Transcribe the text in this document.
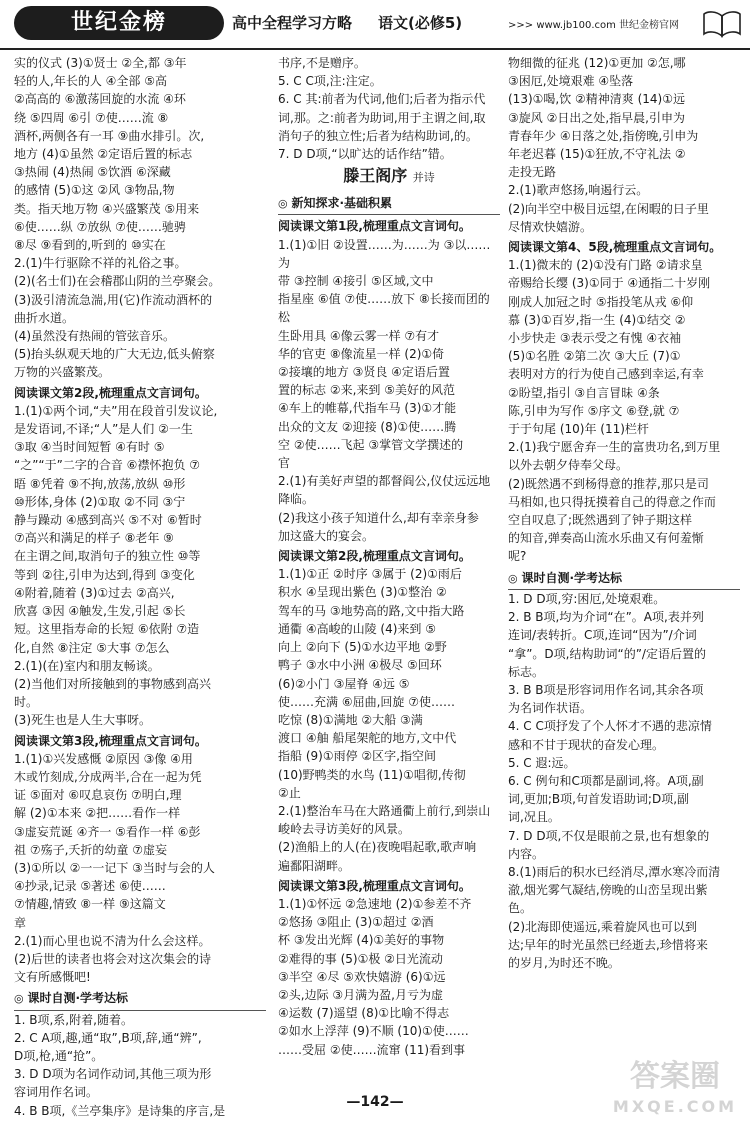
世纪金榜	高中全程学习方略 语文(必修5)	>>> www.jb100.com 世纪金榜官网

实的仪式 (3)①贤士 ②全,都 ③年

轻的人,年长的人 ④全部 ⑤高

②高高的 ⑥激荡回旋的水流 ④环

绕 ⑤四周 ⑥引 ⑦使……流 ⑧

酒杯,两侧各有一耳 ⑨曲水排引。次,

地方 (4)①虽然 ②定语后置的标志

③热闹 (4)热闹 ⑤饮酒 ⑥深藏

的感情 (5)①这 ②风 ③物品,物

类。指天地万物 ④兴盛繁茂 ⑤用来

⑥使……纵 ⑦放纵 ⑦使……驰骋

⑧尽 ⑨看到的,听到的 ⑩实在

2.(1)牛行驱除不祥的礼俗之事。

(2)(名士们)在会稽郡山阴的兰亭聚会。

(3)汲引清流急湍,用(它)作流动酒杯的

曲折水道。

(4)虽然没有热闹的管弦音乐。

(5)抬头纵观天地的广大无边,低头俯察

万物的兴盛繁茂。

阅读课文第2段,梳理重点文言词句。

1.(1)①两个词,“夫”用在段首引发议论,

是发语词,不译;“人”是人们 ②一生

③取 ④当时间短暂 ④有时 ⑤

“之”“于”二字的合音 ⑥襟怀抱负 ⑦

晤 ⑧凭着 ⑨不拘,放荡,放纵 ⑩形

⑩形体,身体 (2)①取 ②不同 ③宁

静与躁动 ④感到高兴 ⑤不对 ⑥暂时

⑦高兴和满足的样子 ⑧老年 ⑨

在主谓之间,取消句子的独立性 ⑩等

等到 ②往,引申为达到,得到 ③变化

④附着,随着 (3)①过去 ②高兴,

欣喜 ③因 ④触发,生发,引起 ⑤长

短。这里指寿命的长短 ⑥依附 ⑦造

化,自然 ⑧注定 ⑤大事 ⑦怎么

2.(1)(在)室内和朋友畅谈。

(2)当他们对所接触到的事物感到高兴

时。

(3)死生也是人生大事呀。

阅读课文第3段,梳理重点文言词句。

1.(1)①兴发感慨 ②原因 ③像 ④用

木或竹刻成,分成两半,合在一起为凭

证 ⑤面对 ⑥叹息哀伤 ⑦明白,理

解 (2)①本来 ②把……看作一样

③虚妄荒诞 ④齐一 ⑤看作一样 ⑥彭

祖 ⑦殇子,夭折的幼童 ⑦虚妄

(3)①所以 ②一一记下 ③当时与会的人

④抄录,记录 ⑤著述 ⑥使……

⑦情趣,情致 ⑧一样 ⑨这篇文

章

2.(1)而心里也说不清为什么会这样。

(2)后世的读者也将会对这次集会的诗

文有所感慨吧!

◎ 课时自测·学考达标

1. B项,系,附着,随着。

2. C A项,趣,通“取”,B项,辞,通“辨”,

D项,枪,通“抢”。

3. D D项为名词作动词,其他三项为形

容词用作名词。

4. B B项,《兰亭集序》是诗集的序言,是

书序,不是赠序。

5. C C项,注:注定。

6. C 其:前者为代词,他们;后者为指示代

词,那。之:前者为助词,用于主谓之间,取

消句子的独立性;后者为结构助词,的。

7. D D项,“以旷达的话作结”错。

滕王阁序 并诗

◎ 新知探求·基础积累

阅读课文第1段,梳理重点文言词句。

1.(1)①旧 ②设置……为……为 ③以……为

带 ③控制 ④接引 ⑤区域,文中

指星座 ⑥值 ⑦使……放下 ⑧长接而团的松

生卧用具 ④像云雾一样 ⑦有才

华的官吏 ⑧像流星一样 (2)①倚

②接壤的地方 ③贤良 ④定语后置

置的标志 ②来,来到 ⑤美好的风范

④车上的帷幕,代指车马 (3)①才能

出众的文友 ②迎接 (8)①使……腾

空 ②使……飞起 ③掌管文学撰述的

官

2.(1)有美好声望的都督阎公,仪仗远远地

降临。

(2)我这小孩子知道什么,却有幸亲身参

加这盛大的宴会。

阅读课文第2段,梳理重点文言词句。

1.(1)①正 ②时序 ③属于 (2)①雨后

积水 ④呈现出紫色 (3)①整治 ②

驾车的马 ③地势高的路,文中指大路

通衢 ④高峻的山陵 (4)来到 ⑤

向上 ②向下 (5)①水边平地 ②野

鸭子 ③水中小洲 ④极尽 ⑤回环

(6)②小门 ③屋脊 ④远 ⑤

使……充满 ⑥屈曲,回旋 ⑦使……

吃惊 (8)①满地 ②大船 ③满

渡口 ④舳 船尾架舵的地方,文中代

指船 (9)①雨停 ②区字,指空间

(10)野鸭类的水鸟 (11)①唱彻,传彻

②止

2.(1)整治车马在大路通衢上前行,到崇山

峻岭去寻访美好的风景。

(2)渔船上的人(在)夜晚唱起歌,歌声响

遍鄱阳湖畔。

阅读课文第3段,梳理重点文言词句。

1.(1)①怀远 ②急速地 (2)①参差不齐

②悠扬 ③阻止 (3)①超过 ②酒

杯 ③发出光辉 (4)①美好的事物

②难得的事 (5)①极 ②日光流动

③半空 ④尽 ⑤欢快嬉游 (6)①远

②头,边际 ③月满为盈,月亏为虚

④运数 (7)遥望 (8)①比喻不得志

②如水上浮萍 (9)不顺 (10)①使……

……受屈 ②使……流窜 (11)看到事

物细微的征兆 (12)①更加 ②怎,哪

③困厄,处境艰难 ④坠落

(13)①喝,饮 ②精神清爽 (14)①远

③旋风 ②日出之处,指早晨,引申为

青春年少 ④日落之处,指傍晚,引申为

年老迟暮 (15)①狂放,不守礼法 ②

走投无路

2.(1)歌声悠扬,响遏行云。

(2)向半空中极目远望,在闲暇的日子里

尽情欢快嬉游。

阅读课文第4、5段,梳理重点文言词句。

1.(1)微末的 (2)①没有门路 ②请求皇

帝赐给长缨 (3)①同于 ④通指二十岁刚

刚成人加冠之时 ⑤指投笔从戎 ⑥仰

慕 (3)①百岁,指一生 (4)①结交 ②

小步快走 ③表示受之有愧 ④衣袖

(5)①名胜 ②第二次 ③大丘 (7)①

表明对方的行为使自己感到幸运,有幸

②盼望,指引 ③自言冒昧 ④条

陈,引申为写作 ⑤序文 ⑥登,就 ⑦

于于句尾 (10)年 (11)栏杆

2.(1)我宁愿舍弃一生的富贵功名,到万里

以外去朝夕侍奉父母。

(2)既然遇不到杨得意的推荐,那只是司

马相如,也只得抚摸着自己的得意之作而

空自叹息了;既然遇到了钟子期这样

的知音,弹奏高山流水乐曲又有何羞惭

呢?

◎ 课时自测·学考达标

1. D D项,穷:困厄,处境艰难。

2. B B项,均为介词“在”。A项,表并列

连词/表转折。C项,连词“因为”/介词

“拿”。D项,结构助词“的”/定语后置的

标志。

3. B B项是形容词用作名词,其余各项

为名词作状语。

4. C C项抒发了个人怀才不遇的悲凉情

感和不甘于现状的奋发心理。

5. C 遐:远。

6. C 例句和C项都是副词,将。A项,副

词,更加;B项,句首发语助词;D项,副

词,况且。

7. D D项,不仅是眼前之景,也有想象的

内容。

8.(1)雨后的积水已经消尽,潭水寒冷而清

澈,烟光雾气凝结,傍晚的山峦呈现出紫

色。

(2)北海即使遥远,乘着旋风也可以到

达;早年的时光虽然已经逝去,珍惜将来

的岁月,为时还不晚。

—142—
答案圈
MXQE.COM
